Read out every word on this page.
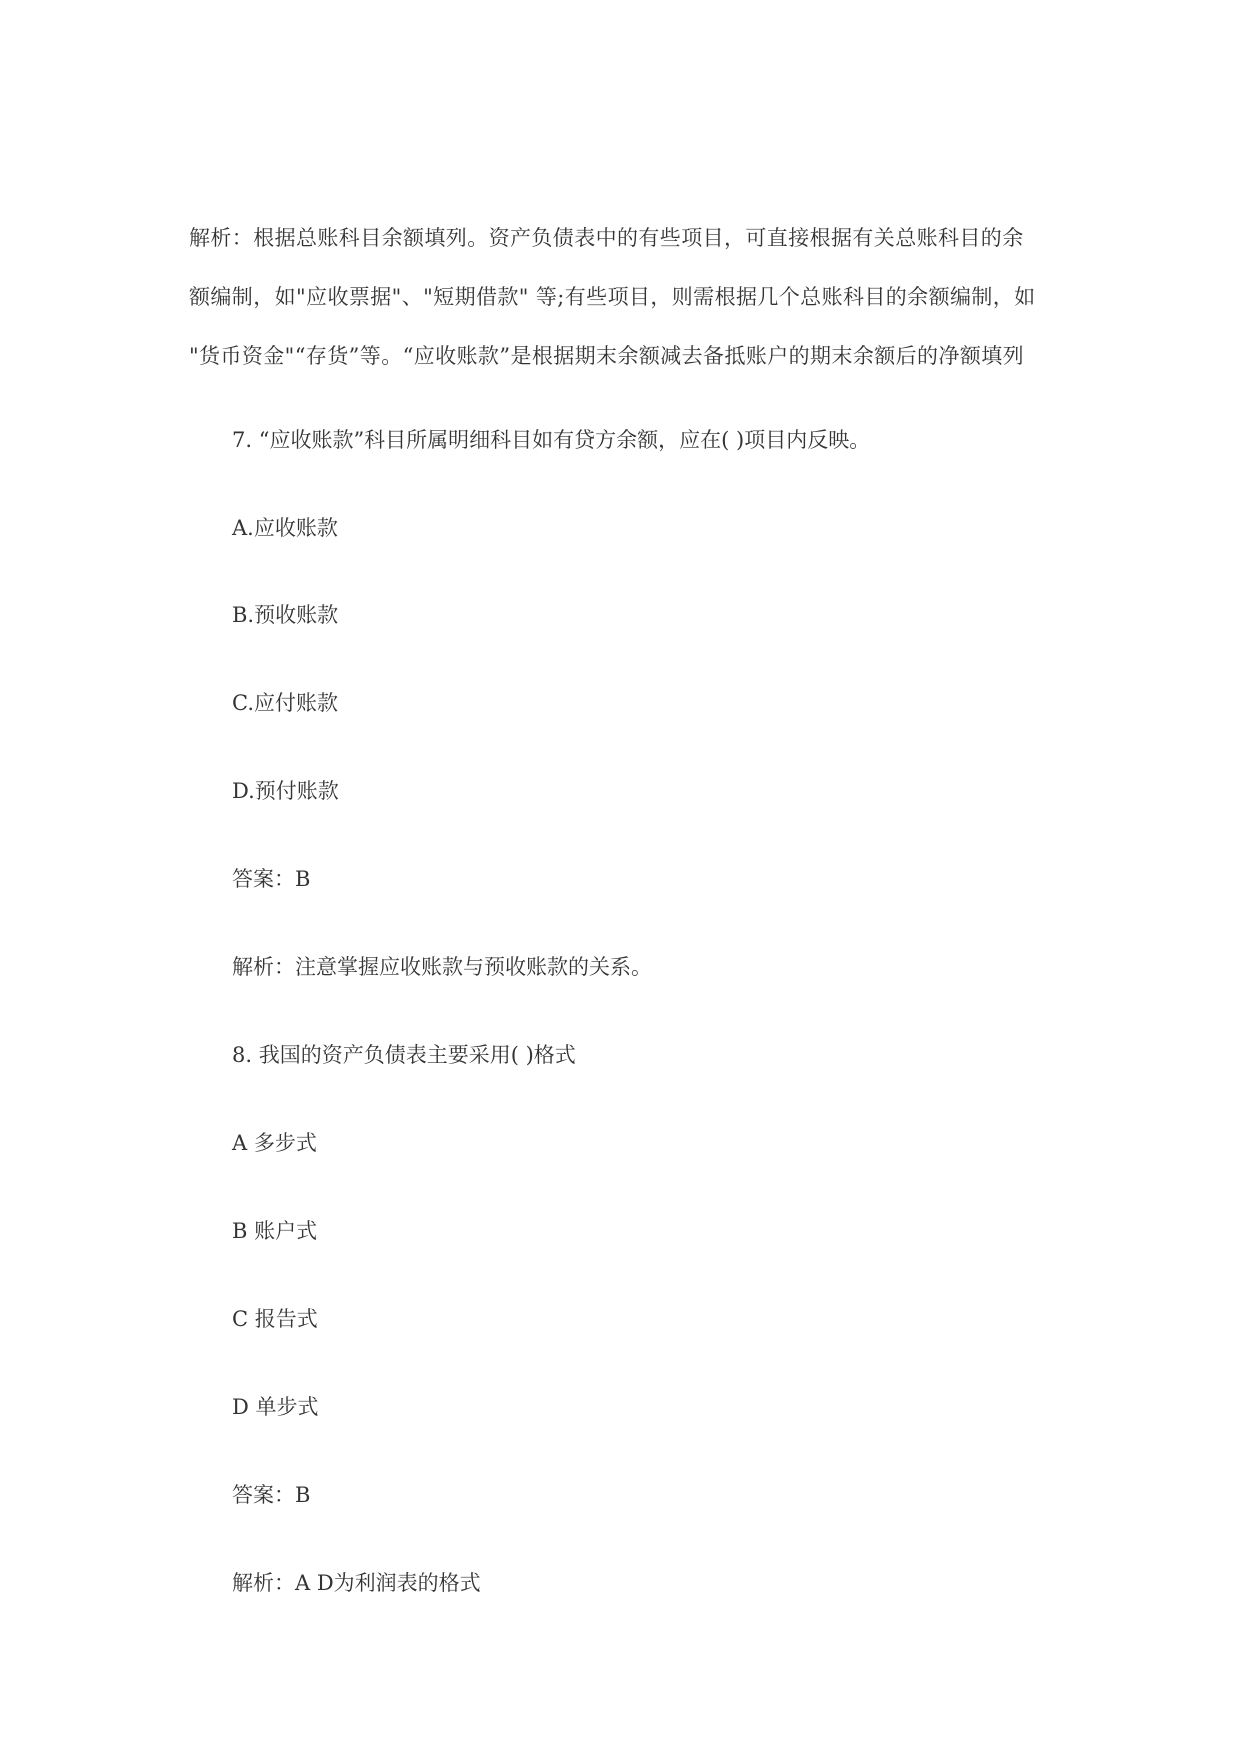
解析：根据总账科目余额填列。资产负债表中的有些项目，可直接根据有关总账科目的余
额编制，如"应收票据"、"短期借款" 等;有些项目，则需根据几个总账科目的余额编制，如
"货币资金"“存货”等。“应收账款”是根据期末余额减去备抵账户的期末余额后的净额填列

7. “应收账款”科目所属明细科目如有贷方余额，应在( )项目内反映。

A.应收账款

B.预收账款

C.应付账款

D.预付账款

答案：B

解析：注意掌握应收账款与预收账款的关系。

8. 我国的资产负债表主要采用( )格式

A 多步式

B 账户式

C 报告式

D 单步式

答案：B

解析：A D为利润表的格式
